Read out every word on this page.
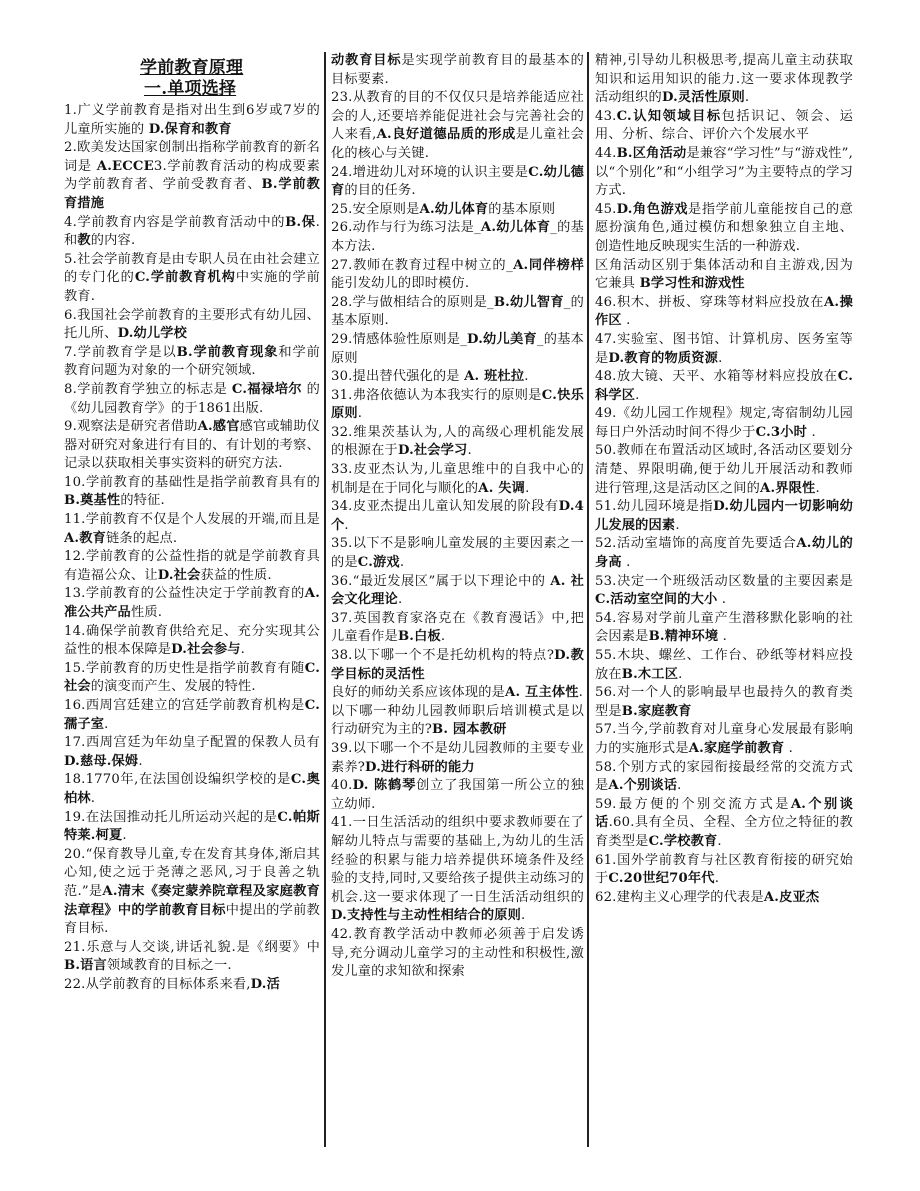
学前教育原理
一.单项选择

1.广义学前教育是指对出生到6岁或7岁的儿童所实施的 D.保育和教育

2.欧美发达国家创制出指称学前教育的新名词是 A.ECCE3.学前教育活动的构成要素为学前教育者、学前受教育者、B.学前教育措施

4.学前教育内容是学前教育活动中的B.保.和教的内容.

5.社会学前教育是由专职人员在由社会建立的专门化的C.学前教育机构中实施的学前教育.

6.我国社会学前教育的主要形式有幼儿园、托儿所、D.幼儿学校

7.学前教育学是以B.学前教育现象和学前教育问题为对象的一个研究领域.

8.学前教育学独立的标志是 C.福禄培尔 的《幼儿园教育学》的于1861出版.

9.观察法是研究者借助A.感官感官或辅助仪器对研究对象进行有目的、有计划的考察、记录以获取相关事实资料的研究方法.

10.学前教育的基础性是指学前教育具有的B.奠基性的特征.

11.学前教育不仅是个人发展的开端,而且是A.教育链条的起点.

12.学前教育的公益性指的就是学前教育具有造福公众、让D.社会获益的性质.

13.学前教育的公益性决定于学前教育的A.准公共产品性质.

14.确保学前教育供给充足、充分实现其公益性的根本保障是D.社会参与.

15.学前教育的历史性是指学前教育有随C.社会的演变而产生、发展的特性.

16.西周宫廷建立的宫廷学前教育机构是C.孺子室.

17.西周宫廷为年幼皇子配置的保教人员有D.慈母.保姆.

18.1770年,在法国创设编织学校的是C.奥柏林.

19.在法国推动托儿所运动兴起的是C.帕斯特莱.柯夏.

20.“保育教导儿童,专在发育其身体,渐启其心知,使之远于尧薄之恶风,习于良善之轨范.”是A.清末《奏定蒙养院章程及家庭教育法章程》中的学前教育目标中提出的学前教育目标.

21.乐意与人交谈,讲话礼貌.是《纲要》中B.语言领域教育的目标之一.

22.从学前教育的目标体系来看,D.活

动教育目标是实现学前教育目的最基本的目标要素.

23.从教育的目的不仅仅只是培养能适应社会的人,还要培养能促进社会与完善社会的人来看,A.良好道德品质的形成是儿童社会化的核心与关键.

24.增进幼儿对环境的认识主要是C.幼儿德育的目的任务.

25.安全原则是A.幼儿体育的基本原则

26.动作与行为练习法是_A.幼儿体育_的基本方法.

27.教师在教育过程中树立的_A.同伴榜样 能引发幼儿的即时模仿.

28.学与做相结合的原则是_B.幼儿智育_的基本原则.

29.情感体验性原则是_D.幼儿美育_的基本原则

30.提出替代强化的是 A. 班杜拉.

31.弗洛依德认为本我实行的原则是C.快乐原则.

32.维果茨基认为,人的高级心理机能发展的根源在于D.社会学习.

33.皮亚杰认为,儿童思维中的自我中心的机制是在于同化与顺化的A. 失调.

34.皮亚杰提出儿童认知发展的阶段有D.4个.

35.以下不是影响儿童发展的主要因素之一的是C.游戏.

36.“最近发展区”属于以下理论中的 A. 社会文化理论.

37.英国教育家洛克在《教育漫话》中,把儿童看作是B.白板.

38.以下哪一个不是托幼机构的特点?D.教学目标的灵活性

良好的师幼关系应该体现的是A. 互主体性.

以下哪一种幼儿园教师职后培训模式是以行动研究为主的?B. 园本教研

39.以下哪一个不是幼儿园教师的主要专业素养?D.进行科研的能力

40.D. 陈鹤琴创立了我国第一所公立的独立幼师.

41.一日生活活动的组织中要求教师要在了解幼儿特点与需要的基础上,为幼儿的生活经验的积累与能力培养提供环境条件及经验的支持,同时,又要给孩子提供主动练习的机会.这一要求体现了一日生活活动组织的D.支持性与主动性相结合的原则.

42.教育教学活动中教师必须善于启发诱导,充分调动儿童学习的主动性和积极性,激发儿童的求知欲和探索

精神,引导幼儿积极思考,提高儿童主动获取知识和运用知识的能力.这一要求体现教学活动组织的D.灵活性原则.

43.C.认知领域目标包括识记、领会、运用、分析、综合、评价六个发展水平

44.B.区角活动是兼容“学习性”与“游戏性”,以“个别化”和“小组学习”为主要特点的学习方式.

45.D.角色游戏是指学前儿童能按自己的意愿扮演角色,通过模仿和想象独立自主地、创造性地反映现实生活的一种游戏.

区角活动区别于集体活动和自主游戏,因为它兼具 B学习性和游戏性

46.积木、拼板、穿珠等材料应投放在A.操作区 .

47.实验室、图书馆、计算机房、医务室等是D.教育的物质资源.

48.放大镜、天平、水箱等材料应投放在C.科学区.

49.《幼儿园工作规程》规定,寄宿制幼儿园每日户外活动时间不得少于C.3小时 .

50.教师在布置活动区域时,各活动区要划分清楚、界限明确,便于幼儿开展活动和教师进行管理,这是活动区之间的A.界限性.

51.幼儿园环境是指D.幼儿园内一切影响幼儿发展的因素.

52.活动室墙饰的高度首先要适合A.幼儿的身高 .

53.决定一个班级活动区数量的主要因素是C.活动室空间的大小 .

54.容易对学前儿童产生潜移默化影响的社会因素是B.精神环境 .

55.木块、螺丝、工作台、砂纸等材料应投放在B.木工区.

56.对一个人的影响最早也最持久的教育类型是B.家庭教育

57.当今,学前教育对儿童身心发展最有影响力的实施形式是A.家庭学前教育 .

58.个别方式的家园衔接最经常的交流方式是A.个别谈话.

59.最方便的个别交流方式是A.个别谈话.60.具有全员、全程、全方位之特征的教育类型是C.学校教育.

61.国外学前教育与社区教育衔接的研究始于C.20世纪70年代.

62.建构主义心理学的代表是A.皮亚杰
